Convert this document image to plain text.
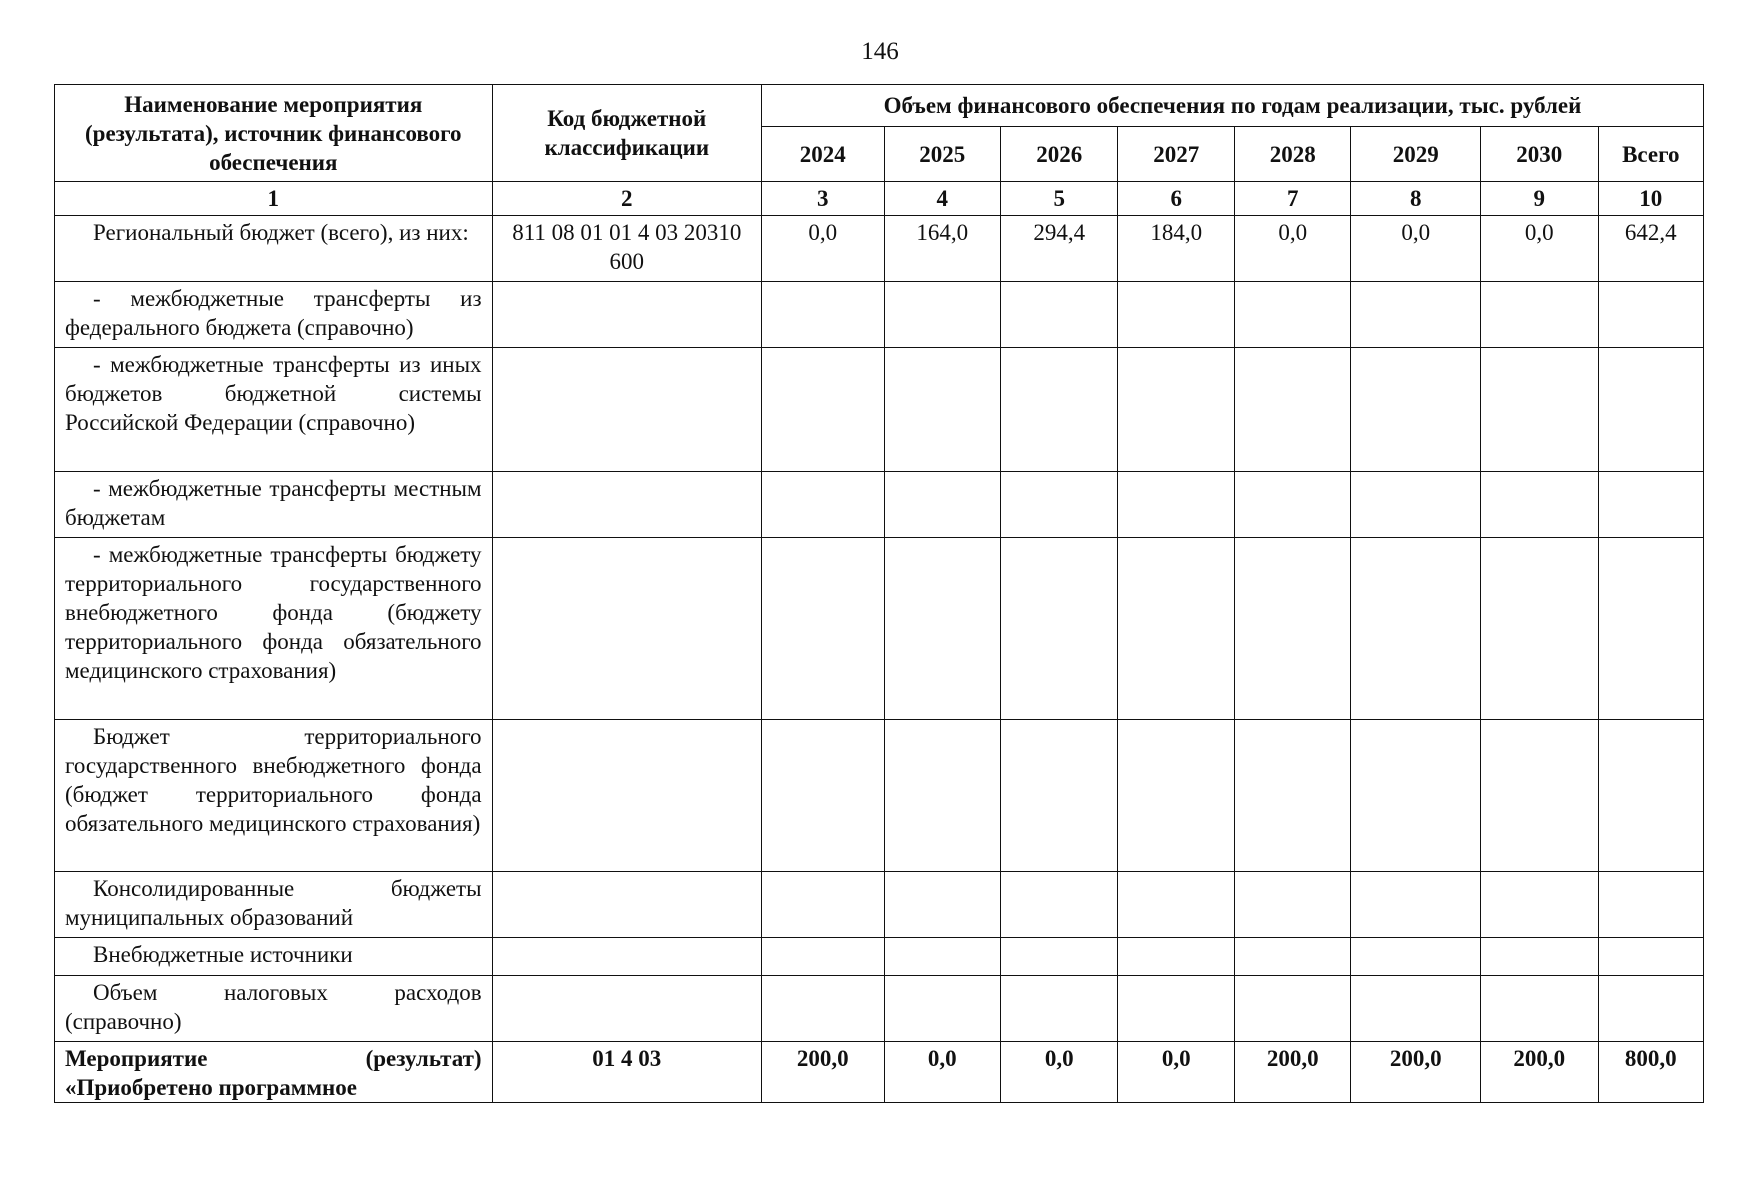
146
Наименование мероприятия (результата), источник финансового обеспечения	Код бюджетной классификации	Объем финансового обеспечения по годам реализации, тыс. рублей							
		2024	2025	2026	2027	2028	2029	2030	Всего
1	2	3	4	5	6	7	8	9	10

Региональный бюджет (всего), из них:	811 08 01 01 4 03 20310 600	0,0	164,0	294,4	184,0	0,0	0,0	0,0	642,4

- межбюджетные трансферты из федерального бюджета (справочно)									

- межбюджетные трансферты из иных бюджетов бюджетной системы Российской Федерации (справочно)									

- межбюджетные трансферты местным бюджетам									

- межбюджетные трансферты бюджету территориального государственного внебюджетного фонда (бюджету территориального фонда обязательного медицинского страхования)									

Бюджет территориального государственного внебюджетного фонда (бюджет территориального фонда обязательного медицинского страхования)									

Консолидированные бюджеты муниципальных образований									

Внебюджетные источники									

Объем налоговых расходов (справочно)									

Мероприятие (результат) «Приобретено программное	01 4 03	200,0	0,0	0,0	0,0	200,0	200,0	200,0	800,0
